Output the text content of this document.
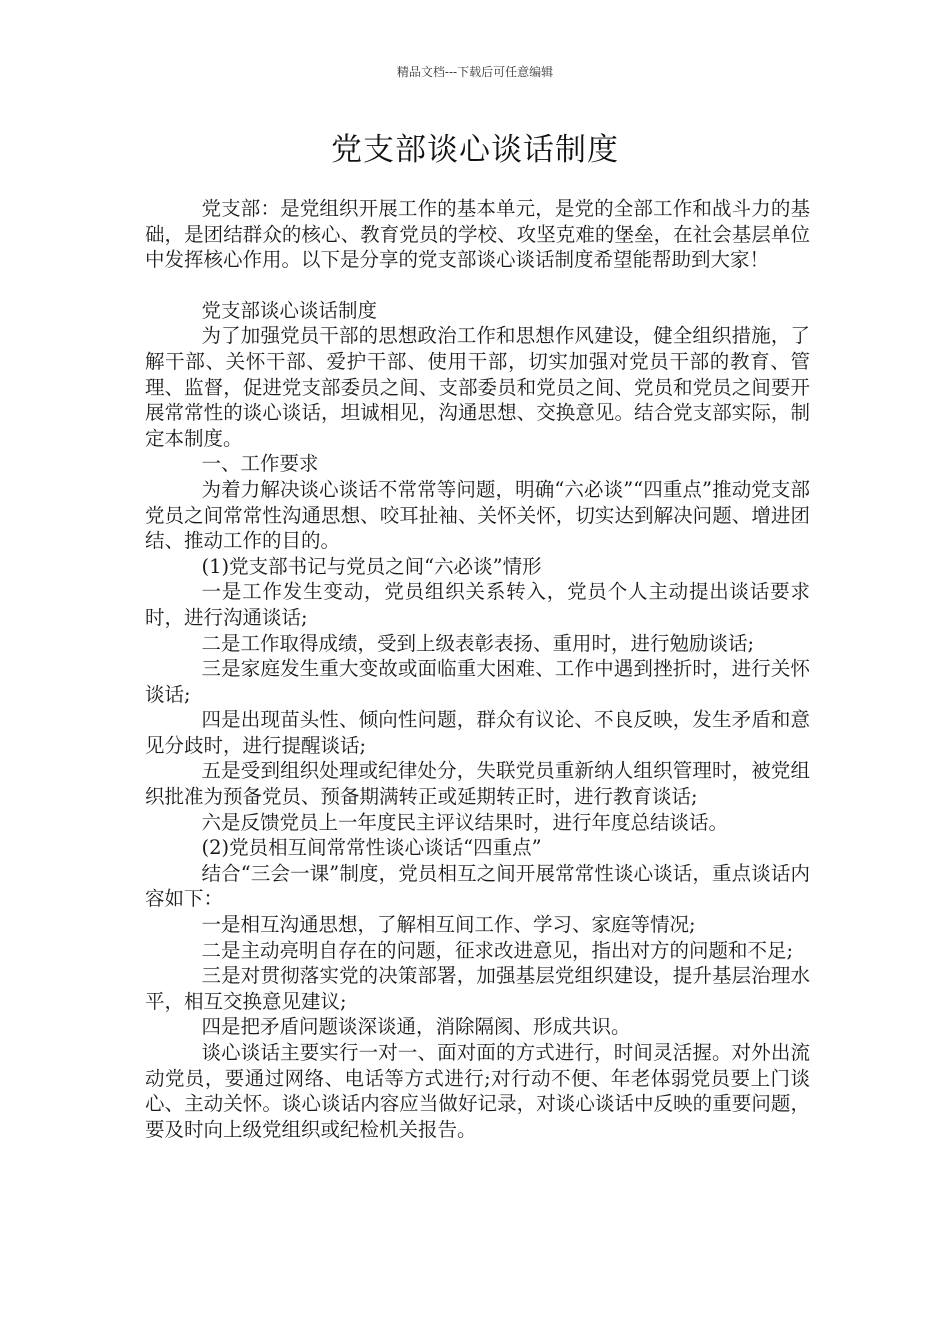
精品文档---下载后可任意编辑
党支部谈心谈话制度

党支部：是党组织开展工作的基本单元，是党的全部工作和战斗力的基础，是团结群众的核心、教育党员的学校、攻坚克难的堡垒，在社会基层单位中发挥核心作用。以下是分享的党支部谈心谈话制度希望能帮助到大家！

党支部谈心谈话制度

为了加强党员干部的思想政治工作和思想作风建设，健全组织措施，了解干部、关怀干部、爱护干部、使用干部，切实加强对党员干部的教育、管理、监督，促进党支部委员之间、支部委员和党员之间、党员和党员之间要开展常常性的谈心谈话，坦诚相见，沟通思想、交换意见。结合党支部实际，制定本制度。

一、工作要求

为着力解决谈心谈话不常常等问题，明确“六必谈”“四重点”推动党支部党员之间常常性沟通思想、咬耳扯袖、关怀关怀，切实达到解决问题、增进团结、推动工作的目的。

(1)党支部书记与党员之间“六必谈”情形

一是工作发生变动，党员组织关系转入，党员个人主动提出谈话要求时，进行沟通谈话;

二是工作取得成绩，受到上级表彰表扬、重用时，进行勉励谈话;

三是家庭发生重大变故或面临重大困难、工作中遇到挫折时，进行关怀谈话;

四是出现苗头性、倾向性问题，群众有议论、不良反映，发生矛盾和意见分歧时，进行提醒谈话;

五是受到组织处理或纪律处分，失联党员重新纳人组织管理时，被党组织批准为预备党员、预备期满转正或延期转正时，进行教育谈话;

六是反馈党员上一年度民主评议结果时，进行年度总结谈话。

(2)党员相互间常常性谈心谈话“四重点”

结合“三会一课”制度，党员相互之间开展常常性谈心谈话，重点谈话内容如下：

一是相互沟通思想，了解相互间工作、学习、家庭等情况;

二是主动亮明自存在的问题，征求改进意见，指出对方的问题和不足;

三是对贯彻落实党的决策部署，加强基层党组织建设，提升基层治理水平，相互交换意见建议;

四是把矛盾问题谈深谈通，消除隔阂、形成共识。

谈心谈话主要实行一对一、面对面的方式进行，时间灵活握。对外出流动党员，要通过网络、电话等方式进行;对行动不便、年老体弱党员要上门谈心、主动关怀。谈心谈话内容应当做好记录，对谈心谈话中反映的重要问题，要及时向上级党组织或纪检机关报告。
